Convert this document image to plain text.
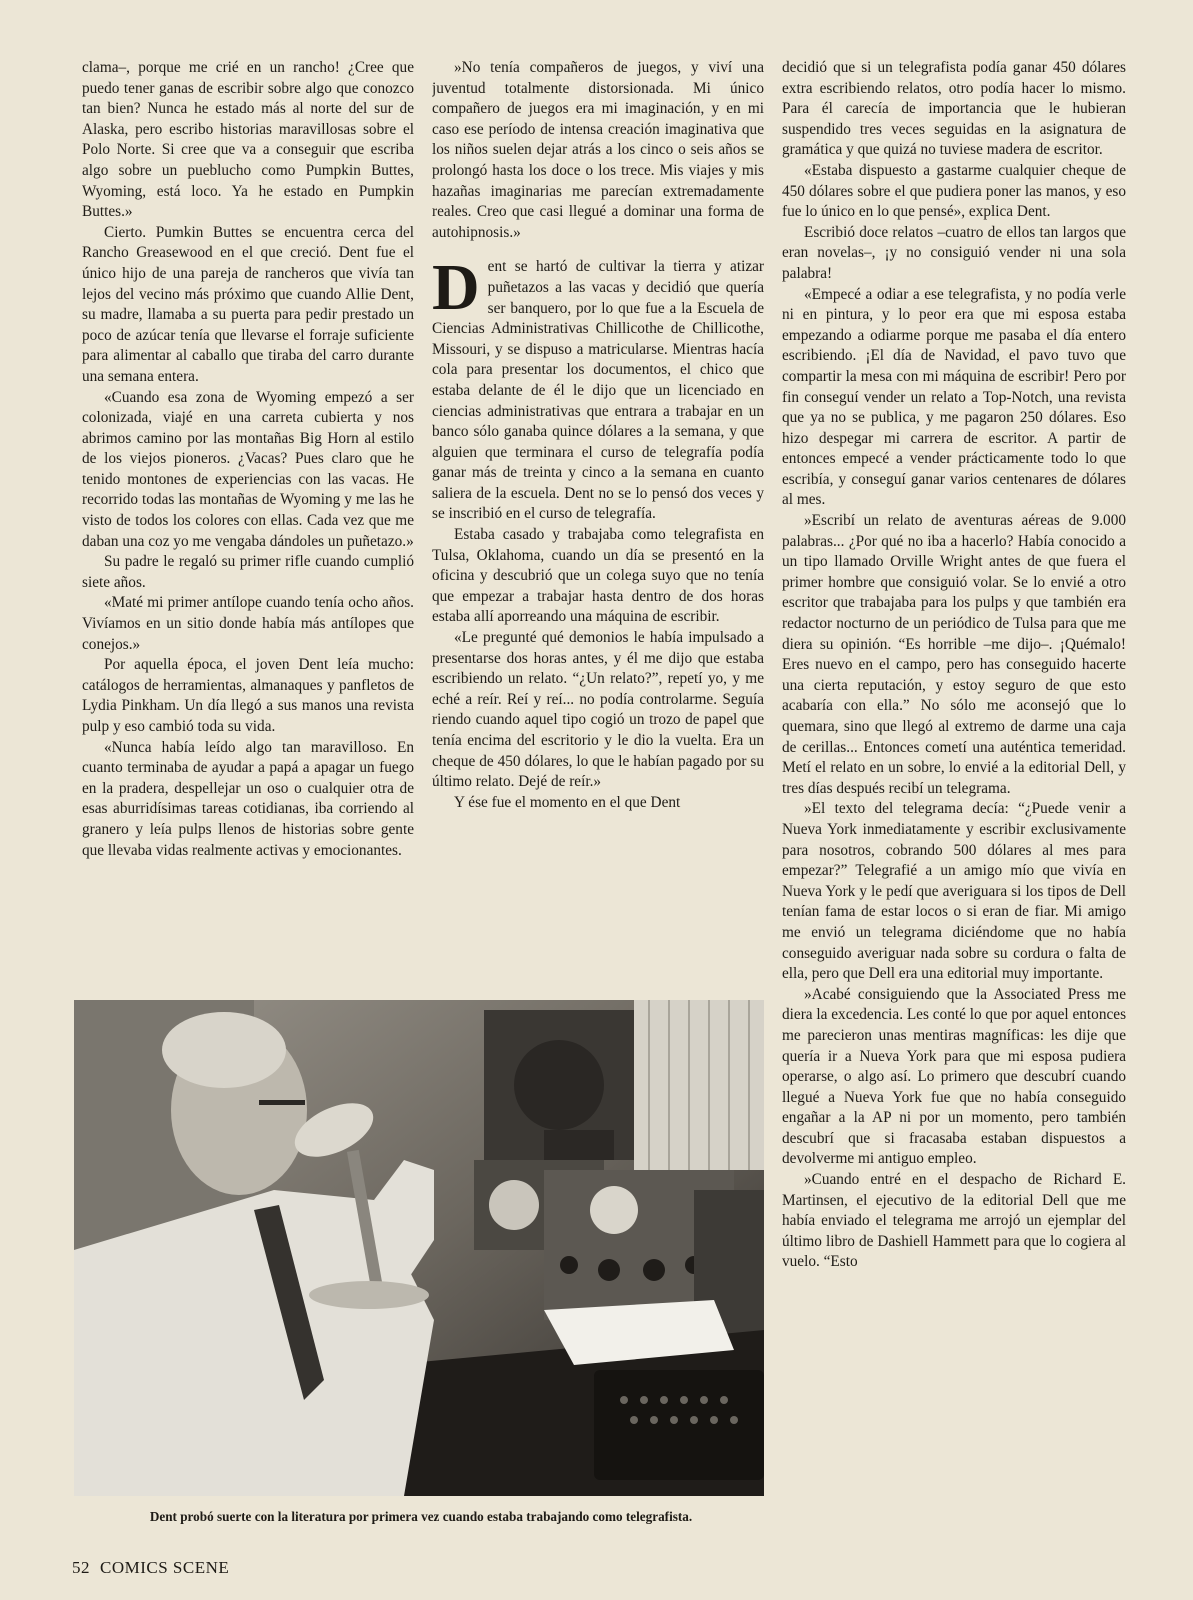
clama–, porque me crié en un rancho! ¿Cree que puedo tener ganas de escribir sobre algo que conozco tan bien? Nunca he estado más al norte del sur de Alaska, pero escribo historias maravillosas sobre el Polo Norte. Si cree que va a conseguir que escriba algo sobre un pueblucho como Pumpkin Buttes, Wyoming, está loco. Ya he estado en Pumpkin Buttes.»

Cierto. Pumkin Buttes se encuentra cerca del Rancho Greasewood en el que creció. Dent fue el único hijo de una pareja de rancheros que vivía tan lejos del vecino más próximo que cuando Allie Dent, su madre, llamaba a su puerta para pedir prestado un poco de azúcar tenía que llevarse el forraje suficiente para alimentar al caballo que tiraba del carro durante una semana entera.

«Cuando esa zona de Wyoming empezó a ser colonizada, viajé en una carreta cubierta y nos abrimos camino por las montañas Big Horn al estilo de los viejos pioneros. ¿Vacas? Pues claro que he tenido montones de experiencias con las vacas. He recorrido todas las montañas de Wyoming y me las he visto de todos los colores con ellas. Cada vez que me daban una coz yo me vengaba dándoles un puñetazo.»

Su padre le regaló su primer rifle cuando cumplió siete años.

«Maté mi primer antílope cuando tenía ocho años. Vivíamos en un sitio donde había más antílopes que conejos.»

Por aquella época, el joven Dent leía mucho: catálogos de herramientas, almanaques y panfletos de Lydia Pinkham. Un día llegó a sus manos una revista pulp y eso cambió toda su vida.

«Nunca había leído algo tan maravilloso. En cuanto terminaba de ayudar a papá a apagar un fuego en la pradera, despellejar un oso o cualquier otra de esas aburridísimas tareas cotidianas, iba corriendo al granero y leía pulps llenos de historias sobre gente que llevaba vidas realmente activas y emocionantes.

»No tenía compañeros de juegos, y viví una juventud totalmente distorsionada. Mi único compañero de juegos era mi imaginación, y en mi caso ese período de intensa creación imaginativa que los niños suelen dejar atrás a los cinco o seis años se prolongó hasta los doce o los trece. Mis viajes y mis hazañas imaginarias me parecían extremadamente reales. Creo que casi llegué a dominar una forma de autohipnosis.»

Dent se hartó de cultivar la tierra y atizar puñetazos a las vacas y decidió que quería ser banquero, por lo que fue a la Escuela de Ciencias Administrativas Chillicothe de Chillicothe, Missouri, y se dispuso a matricularse. Mientras hacía cola para presentar los documentos, el chico que estaba delante de él le dijo que un licenciado en ciencias administrativas que entrara a trabajar en un banco sólo ganaba quince dólares a la semana, y que alguien que terminara el curso de telegrafía podía ganar más de treinta y cinco a la semana en cuanto saliera de la escuela. Dent no se lo pensó dos veces y se inscribió en el curso de telegrafía.

Estaba casado y trabajaba como telegrafista en Tulsa, Oklahoma, cuando un día se presentó en la oficina y descubrió que un colega suyo que no tenía que empezar a trabajar hasta dentro de dos horas estaba allí aporreando una máquina de escribir.

«Le pregunté qué demonios le había impulsado a presentarse dos horas antes, y él me dijo que estaba escribiendo un relato. “¿Un relato?”, repetí yo, y me eché a reír. Reí y reí... no podía controlarme. Seguía riendo cuando aquel tipo cogió un trozo de papel que tenía encima del escritorio y le dio la vuelta. Era un cheque de 450 dólares, lo que le habían pagado por su último relato. Dejé de reír.»

Y ése fue el momento en el que Dent

decidió que si un telegrafista podía ganar 450 dólares extra escribiendo relatos, otro podía hacer lo mismo. Para él carecía de importancia que le hubieran suspendido tres veces seguidas en la asignatura de gramática y que quizá no tuviese madera de escritor.

«Estaba dispuesto a gastarme cualquier cheque de 450 dólares sobre el que pudiera poner las manos, y eso fue lo único en lo que pensé», explica Dent.

Escribió doce relatos –cuatro de ellos tan largos que eran novelas–, ¡y no consiguió vender ni una sola palabra!

«Empecé a odiar a ese telegrafista, y no podía verle ni en pintura, y lo peor era que mi esposa estaba empezando a odiarme porque me pasaba el día entero escribiendo. ¡El día de Navidad, el pavo tuvo que compartir la mesa con mi máquina de escribir! Pero por fin conseguí vender un relato a Top-Notch, una revista que ya no se publica, y me pagaron 250 dólares. Eso hizo despegar mi carrera de escritor. A partir de entonces empecé a vender prácticamente todo lo que escribía, y conseguí ganar varios centenares de dólares al mes.

»Escribí un relato de aventuras aéreas de 9.000 palabras... ¿Por qué no iba a hacerlo? Había conocido a un tipo llamado Orville Wright antes de que fuera el primer hombre que consiguió volar. Se lo envié a otro escritor que trabajaba para los pulps y que también era redactor nocturno de un periódico de Tulsa para que me diera su opinión. “Es horrible –me dijo–. ¡Quémalo! Eres nuevo en el campo, pero has conseguido hacerte una cierta reputación, y estoy seguro de que esto acabaría con ella.” No sólo me aconsejó que lo quemara, sino que llegó al extremo de darme una caja de cerillas... Entonces cometí una auténtica temeridad. Metí el relato en un sobre, lo envié a la editorial Dell, y tres días después recibí un telegrama.

»El texto del telegrama decía: “¿Puede venir a Nueva York inmediatamente y escribir exclusivamente para nosotros, cobrando 500 dólares al mes para empezar?” Telegrafié a un amigo mío que vivía en Nueva York y le pedí que averiguara si los tipos de Dell tenían fama de estar locos o si eran de fiar. Mi amigo me envió un telegrama diciéndome que no había conseguido averiguar nada sobre su cordura o falta de ella, pero que Dell era una editorial muy importante.

»Acabé consiguiendo que la Associated Press me diera la excedencia. Les conté lo que por aquel entonces me parecieron unas mentiras magníficas: les dije que quería ir a Nueva York para que mi esposa pudiera operarse, o algo así. Lo primero que descubrí cuando llegué a Nueva York fue que no había conseguido engañar a la AP ni por un momento, pero también descubrí que si fracasaba estaban dispuestos a devolverme mi antiguo empleo.

»Cuando entré en el despacho de Richard E. Martinsen, el ejecutivo de la editorial Dell que me había enviado el telegrama me arrojó un ejemplar del último libro de Dashiell Hammett para que lo cogiera al vuelo. “Esto

Dent probó suerte con la literatura por primera vez cuando estaba trabajando como telegrafista.
52 COMICS SCENE
